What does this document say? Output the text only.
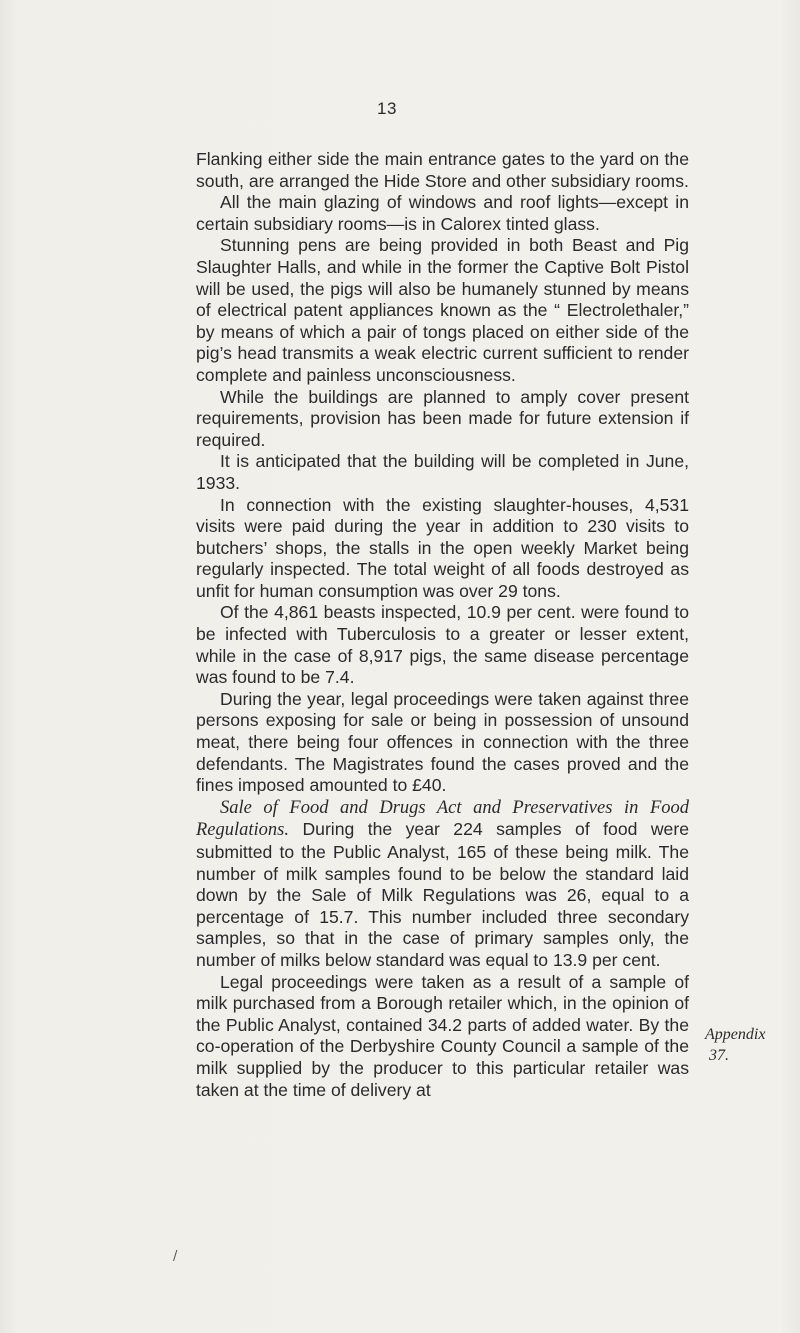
13

Flanking either side the main entrance gates to the yard on the south, are arranged the Hide Store and other subsidiary rooms.

All the main glazing of windows and roof lights—except in certain subsidiary rooms—is in Calorex tinted glass.

Stunning pens are being provided in both Beast and Pig Slaughter Halls, and while in the former the Captive Bolt Pistol will be used, the pigs will also be humanely stunned by means of electrical patent appliances known as the “ Electrolethaler,” by means of which a pair of tongs placed on either side of the pig’s head transmits a weak electric current sufficient to render complete and painless unconsciousness.

While the buildings are planned to amply cover present requirements, provision has been made for future extension if required.

It is anticipated that the building will be completed in June, 1933.

In connection with the existing slaughter-houses, 4,531 visits were paid during the year in addition to 230 visits to butchers’ shops, the stalls in the open weekly Market being regularly inspected. The total weight of all foods destroyed as unfit for human consumption was over 29 tons.

Of the 4,861 beasts inspected, 10.9 per cent. were found to be infected with Tuberculosis to a greater or lesser extent, while in the case of 8,917 pigs, the same disease percentage was found to be 7.4.

During the year, legal proceedings were taken against three persons exposing for sale or being in possession of unsound meat, there being four offences in connection with the three defendants. The Magistrates found the cases proved and the fines imposed amounted to £40.

Sale of Food and Drugs Act and Preservatives in Food Regulations. During the year 224 samples of food were submitted to the Public Analyst, 165 of these being milk. The number of milk samples found to be below the standard laid down by the Sale of Milk Regulations was 26, equal to a percentage of 15.7. This number included three secondary samples, so that in the case of primary samples only, the number of milks below standard was equal to 13.9 per cent.

Legal proceedings were taken as a result of a sample of milk purchased from a Borough retailer which, in the opinion of the Public Analyst, contained 34.2 parts of added water. By the co-operation of the Derbyshire County Council a sample of the milk supplied by the producer to this particular retailer was taken at the time of delivery at

Appendix
37.
/
